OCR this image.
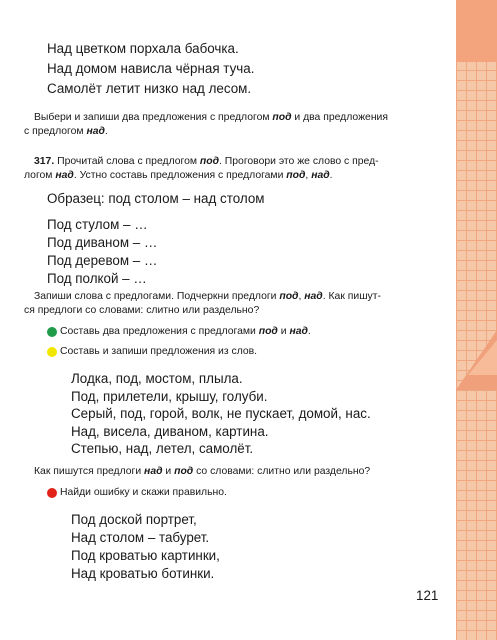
Над цветком порхала бабочка.
Над домом нависла чёрная туча.
Самолёт летит низко над лесом.
Выбери и запиши два предложения с предлогом под и два предложения
с предлогом над.
317. Прочитай слова с предлогом под. Проговори это же слово с пред-
логом над. Устно составь предложения с предлогами под, над.
Образец: под столом – над столом
Под стулом – …
Под диваном – …
Под деревом – …
Под полкой – …
Запиши слова с предлогами. Подчеркни предлоги под, над. Как пишут-
ся предлоги со словами: слитно или раздельно?
Составь два предложения с предлогами под и над.
Составь и запиши предложения из слов.
Лодка, под, мостом, плыла.
Под, прилетели, крышу, голуби.
Серый, под, горой, волк, не пускает, домой, нас.
Над, висела, диваном, картина.
Степью, над, летел, самолёт.
Как пишутся предлоги над и под со словами: слитно или раздельно?
Найди ошибку и скажи правильно.
Под доской портрет,
Над столом – табурет.
Под кроватью картинки,
Над кроватью ботинки.
121
